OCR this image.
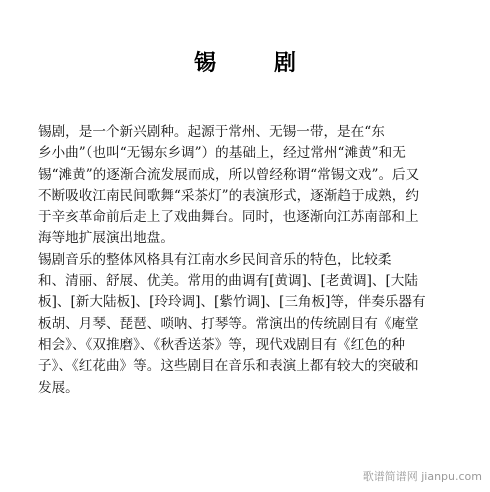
锡　剧
锡剧，是一个新兴剧种。起源于常州、无锡一带，是在“东
乡小曲”（也叫“无锡东乡调”）的基础上，经过常州“滩黄”和无
锡“滩黄”的逐渐合流发展而成，所以曾经称谓“常锡文戏”。后又
不断吸收江南民间歌舞“采茶灯”的表演形式，逐渐趋于成熟，约
于辛亥革命前后走上了戏曲舞台。同时，也逐渐向江苏南部和上
海等地扩展演出地盘。
锡剧音乐的整体风格具有江南水乡民间音乐的特色，比较柔
和、清丽、舒展、优美。常用的曲调有[黄调]、[老黄调]、[大陆
板]、[新大陆板]、[玲玲调]、[紫竹调]、[三角板]等，伴奏乐器有
板胡、月琴、琵琶、唢呐、打琴等。常演出的传统剧目有《庵堂
相会》、《双推磨》、《秋香送茶》等，现代戏剧目有《红色的种
子》、《红花曲》等。这些剧目在音乐和表演上都有较大的突破和
发展。
歌谱简谱网 jianpu.com
